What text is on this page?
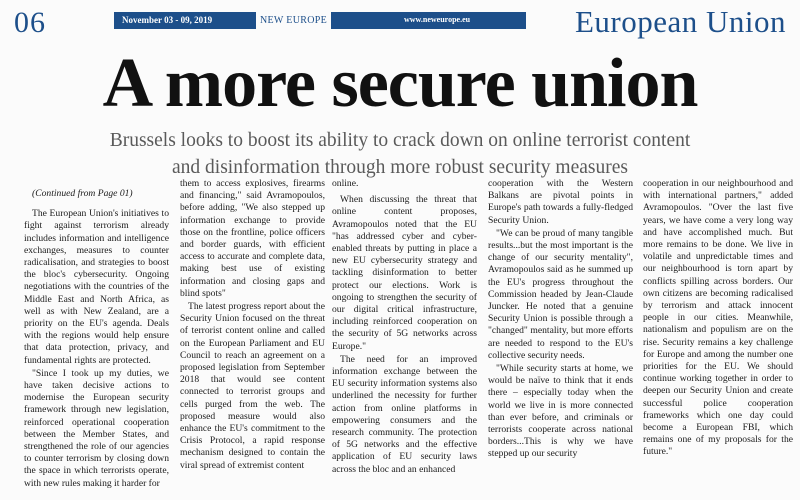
06	November 03 - 09, 2019	NEW EUROPE	www.neweurope.eu	European Union
A more secure union
Brussels looks to boost its ability to crack down on online terrorist content
and disinformation through more robust security measures

(Continued from Page 01)

The European Union's initiatives to fight against terrorism already includes information and intelligence exchanges, measures to counter radicalisation, and strategies to boost the bloc's cybersecurity. Ongoing negotiations with the countries of the Middle East and North Africa, as well as with New Zealand, are a priority on the EU's agenda. Deals with the regions would help ensure that data protection, privacy, and fundamental rights are protected.

"Since I took up my duties, we have taken decisive actions to modernise the European security framework through new legislation, reinforced operational cooperation between the Member States, and strengthened the role of our agencies to counter terrorism by closing down the space in which terrorists operate, with new rules making it harder for

them to access explosives, firearms and financing," said Avramopoulos, before adding, "We also stepped up information exchange to provide those on the frontline, police officers and border guards, with efficient access to accurate and complete data, making best use of existing information and closing gaps and blind spots"

The latest progress report about the Security Union focused on the threat of terrorist content online and called on the European Parliament and EU Council to reach an agreement on a proposed legislation from September 2018 that would see content connected to terrorist groups and cells purged from the web. The proposed measure would also enhance the EU's commitment to the Crisis Protocol, a rapid response mechanism designed to contain the viral spread of extremist content

online.

When discussing the threat that online content proposes, Avramopoulos noted that the EU "has addressed cyber and cyber-enabled threats by putting in place a new EU cybersecurity strategy and tackling disinformation to better protect our elections. Work is ongoing to strengthen the security of our digital critical infrastructure, including reinforced cooperation on the security of 5G networks across Europe."

The need for an improved information exchange between the EU security information systems also underlined the necessity for further action from online platforms in empowering consumers and the research community. The protection of 5G networks and the effective application of EU security laws across the bloc and an enhanced

cooperation with the Western Balkans are pivotal points in Europe's path towards a fully-fledged Security Union.

"We can be proud of many tangible results...but the most important is the change of our security mentality", Avramopoulos said as he summed up the EU's progress throughout the Commission headed by Jean-Claude Juncker. He noted that a genuine Security Union is possible through a "changed" mentality, but more efforts are needed to respond to the EU's collective security needs.

"While security starts at home, we would be naïve to think that it ends there – especially today when the world we live in is more connected than ever before, and criminals or terrorists cooperate across national borders...This is why we have stepped up our security

cooperation in our neighbourhood and with international partners," added Avramopoulos. "Over the last five years, we have come a very long way and have accomplished much. But more remains to be done. We live in volatile and unpredictable times and our neighbourhood is torn apart by conflicts spilling across borders. Our own citizens are becoming radicalised by terrorism and attack innocent people in our cities. Meanwhile, nationalism and populism are on the rise. Security remains a key challenge for Europe and among the number one priorities for the EU. We should continue working together in order to deepen our Security Union and create successful police cooperation frameworks which one day could become a European FBI, which remains one of my proposals for the future."
